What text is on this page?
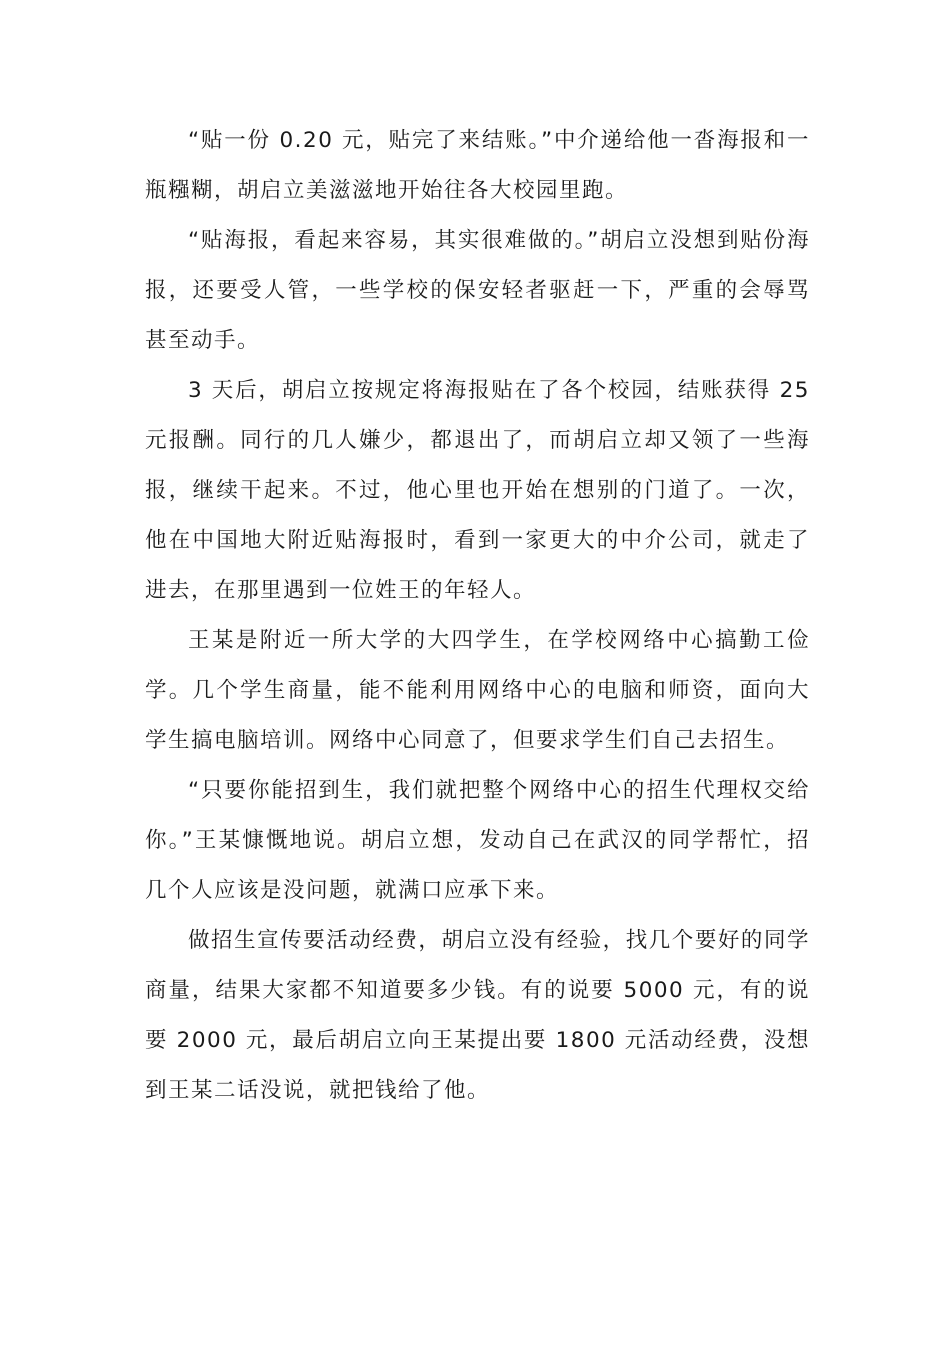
“贴一份 0.20 元，贴完了来结账。”中介递给他一沓海报和一瓶糨糊，胡启立美滋滋地开始往各大校园里跑。

“贴海报，看起来容易，其实很难做的。”胡启立没想到贴份海报，还要受人管，一些学校的保安轻者驱赶一下，严重的会辱骂甚至动手。

3 天后，胡启立按规定将海报贴在了各个校园，结账获得 25 元报酬。同行的几人嫌少，都退出了，而胡启立却又领了一些海报，继续干起来。不过，他心里也开始在想别的门道了。一次，他在中国地大附近贴海报时，看到一家更大的中介公司，就走了进去，在那里遇到一位姓王的年轻人。

王某是附近一所大学的大四学生，在学校网络中心搞勤工俭学。几个学生商量，能不能利用网络中心的电脑和师资，面向大学生搞电脑培训。网络中心同意了，但要求学生们自己去招生。

“只要你能招到生，我们就把整个网络中心的招生代理权交给你。”王某慷慨地说。胡启立想，发动自己在武汉的同学帮忙，招几个人应该是没问题，就满口应承下来。

做招生宣传要活动经费，胡启立没有经验，找几个要好的同学商量，结果大家都不知道要多少钱。有的说要 5000 元，有的说要 2000 元，最后胡启立向王某提出要 1800 元活动经费，没想到王某二话没说，就把钱给了他。
